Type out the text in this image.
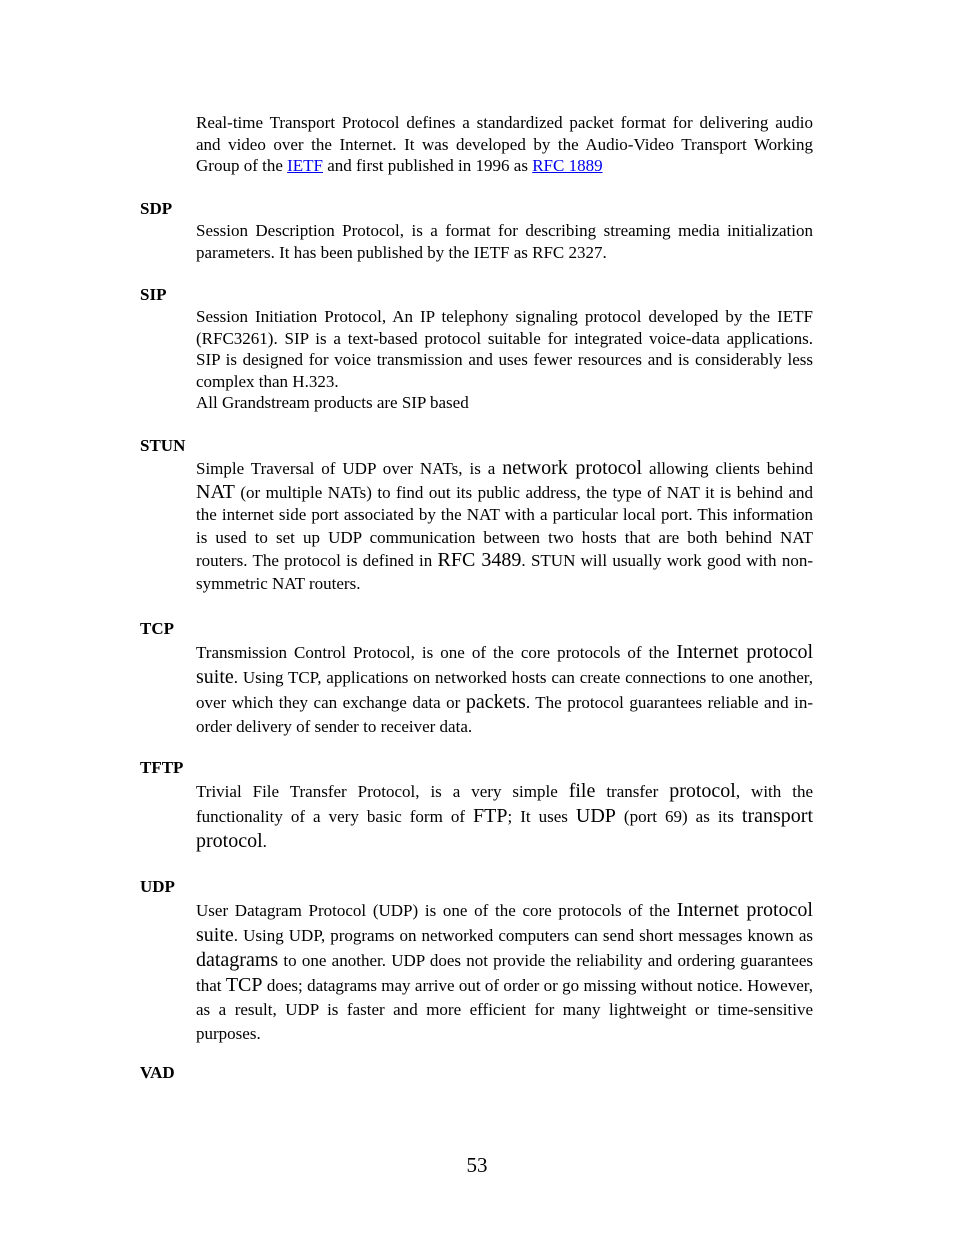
Real-time Transport Protocol defines a standardized packet format for delivering audio and video over the Internet. It was developed by the Audio-Video Transport Working Group of the IETF and first published in 1996 as RFC 1889

SDP

Session Description Protocol, is a format for describing streaming media initialization parameters. It has been published by the IETF as RFC 2327.

SIP

Session Initiation Protocol, An IP telephony signaling protocol developed by the IETF (RFC3261). SIP is a text-based protocol suitable for integrated voice-data applications. SIP is designed for voice transmission and uses fewer resources and is considerably less complex than H.323.
All Grandstream products are SIP based

STUN

Simple Traversal of UDP over NATs, is a network protocol allowing clients behind NAT (or multiple NATs) to find out its public address, the type of NAT it is behind and the internet side port associated by the NAT with a particular local port. This information is used to set up UDP communication between two hosts that are both behind NAT routers. The protocol is defined in RFC 3489. STUN will usually work good with non-symmetric NAT routers.

TCP

Transmission Control Protocol, is one of the core protocols of the Internet protocol suite. Using TCP, applications on networked hosts can create connections to one another, over which they can exchange data or packets. The protocol guarantees reliable and in-order delivery of sender to receiver data.

TFTP

Trivial File Transfer Protocol, is a very simple file transfer protocol, with the functionality of a very basic form of FTP; It uses UDP (port 69) as its transport protocol.

UDP

User Datagram Protocol (UDP) is one of the core protocols of the Internet protocol suite. Using UDP, programs on networked computers can send short messages known as datagrams to one another. UDP does not provide the reliability and ordering guarantees that TCP does; datagrams may arrive out of order or go missing without notice. However, as a result, UDP is faster and more efficient for many lightweight or time-sensitive purposes.

VAD

53
